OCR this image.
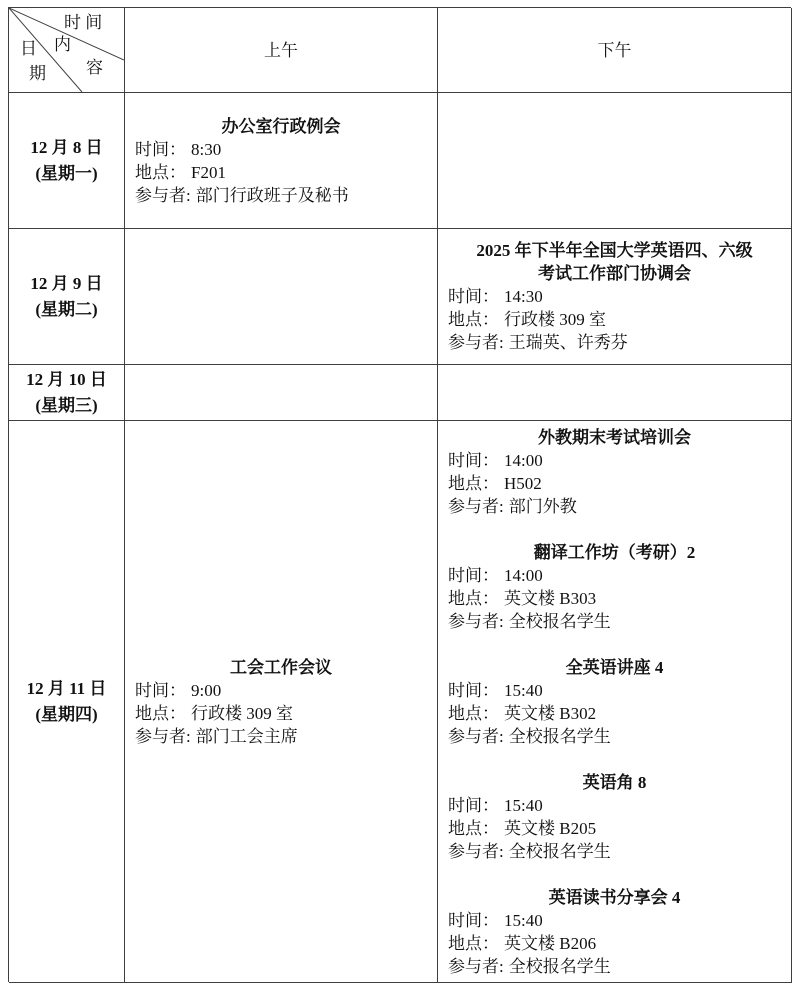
时 间
内
容
日
期
上午	下午
12 月 8 日
(星期一)
办公室行政例会
时间： 8:30
地点： F201
参与者: 部门行政班子及秘书
12 月 9 日
(星期二)
2025 年下半年全国大学英语四、六级
考试工作部门协调会
时间： 14:30
地点： 行政楼 309 室
参与者: 王瑞英、许秀芬
12 月 10 日
(星期三)
12 月 11 日
(星期四)
工会工作会议
时间： 9:00
地点： 行政楼 309 室
参与者: 部门工会主席
外教期末考试培训会
时间： 14:00
地点： H502
参与者: 部门外教
翻译工作坊（考研）2
时间： 14:00
地点： 英文楼 B303
参与者: 全校报名学生
全英语讲座 4
时间： 15:40
地点： 英文楼 B302
参与者: 全校报名学生
英语角 8
时间： 15:40
地点： 英文楼 B205
参与者: 全校报名学生
英语读书分享会 4
时间： 15:40
地点： 英文楼 B206
参与者: 全校报名学生
